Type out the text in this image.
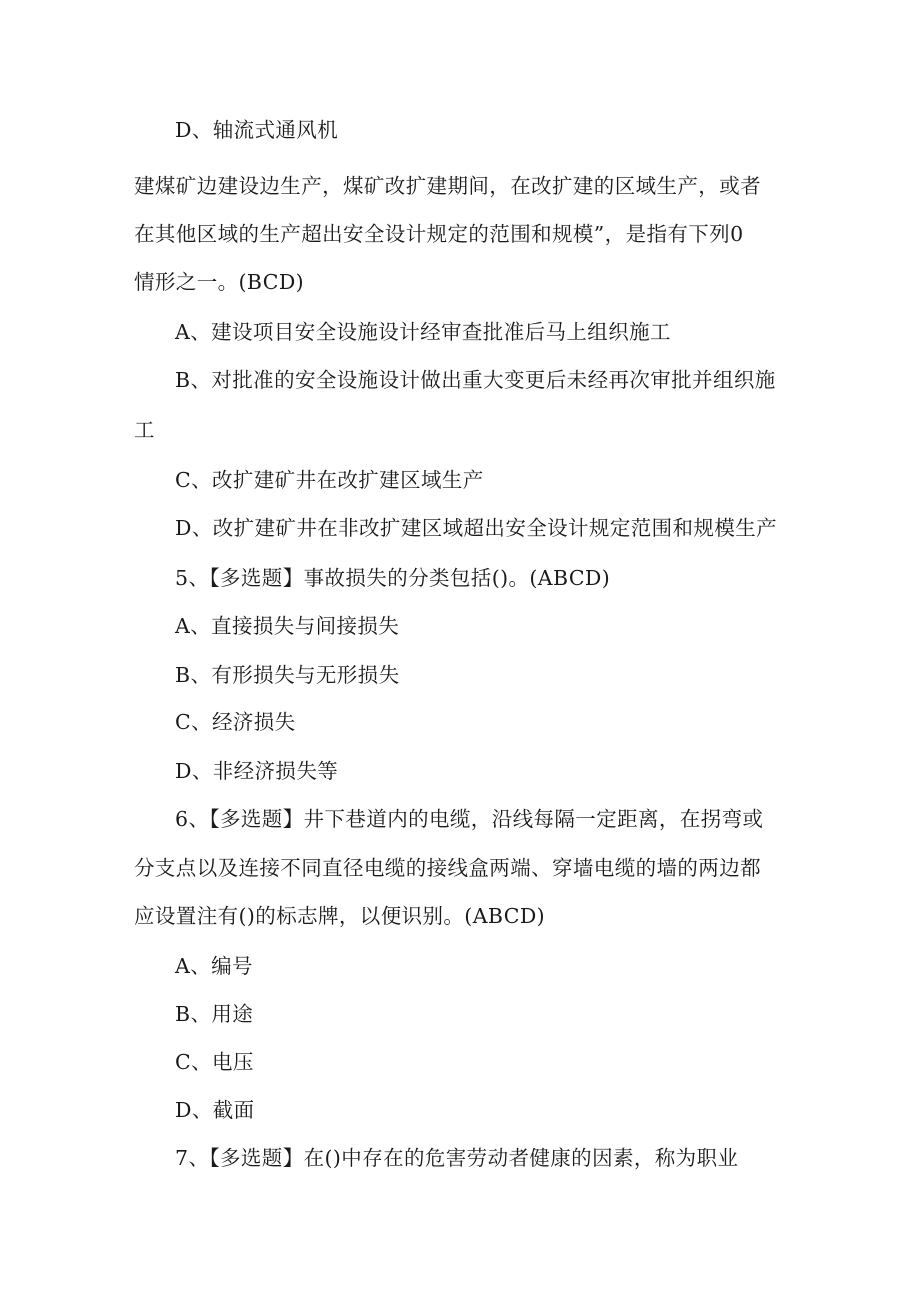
D、轴流式通风机
建煤矿边建设边生产，煤矿改扩建期间，在改扩建的区域生产，或者
在其他区域的生产超出安全设计规定的范围和规模”，是指有下列0
情形之一。(BCD)
A、建设项目安全设施设计经审查批准后马上组织施工
B、对批准的安全设施设计做出重大变更后未经再次审批并组织施
工
C、改扩建矿井在改扩建区域生产
D、改扩建矿井在非改扩建区域超出安全设计规定范围和规模生产
5、【多选题】事故损失的分类包括()。(ABCD)
A、直接损失与间接损失
B、有形损失与无形损失
C、经济损失
D、非经济损失等
6、【多选题】井下巷道内的电缆，沿线每隔一定距离，在拐弯或
分支点以及连接不同直径电缆的接线盒两端、穿墙电缆的墙的两边都
应设置注有()的标志牌，以便识别。(ABCD)
A、编号
B、用途
C、电压
D、截面
7、【多选题】在()中存在的危害劳动者健康的因素，称为职业
